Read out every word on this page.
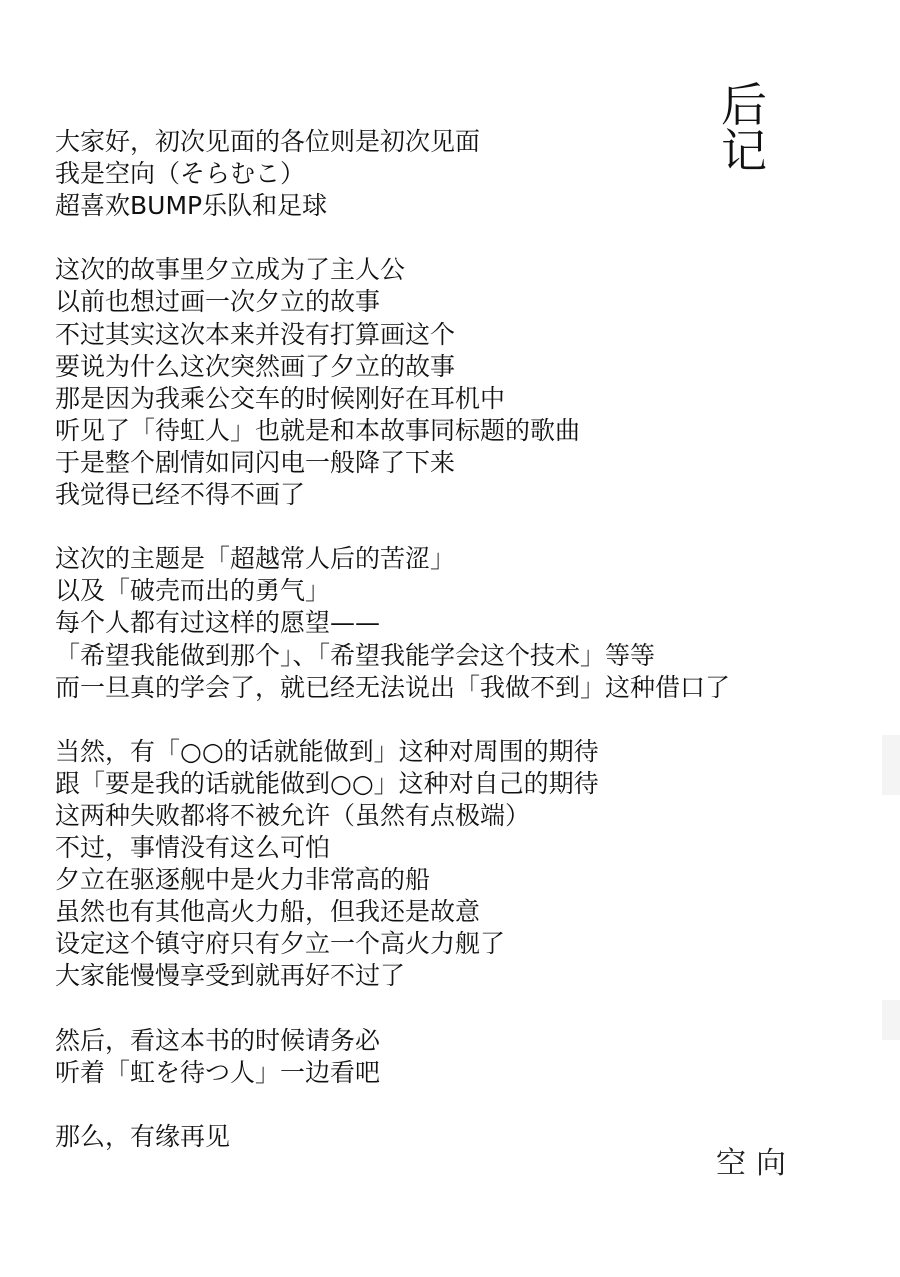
后
记
大家好，初次见面的各位则是初次见面
我是空向（そらむこ）
超喜欢BUMP乐队和足球
这次的故事里夕立成为了主人公
以前也想过画一次夕立的故事
不过其实这次本来并没有打算画这个
要说为什么这次突然画了夕立的故事
那是因为我乘公交车的时候刚好在耳机中
听见了「待虹人」也就是和本故事同标题的歌曲
于是整个剧情如同闪电一般降了下来
我觉得已经不得不画了
这次的主题是「超越常人后的苦涩」
以及「破壳而出的勇气」
每个人都有过这样的愿望——
「希望我能做到那个」、「希望我能学会这个技术」等等
而一旦真的学会了，就已经无法说出「我做不到」这种借口了
当然，有「○○的话就能做到」这种对周围的期待
跟「要是我的话就能做到○○」这种对自己的期待
这两种失败都将不被允许（虽然有点极端）
不过，事情没有这么可怕
夕立在驱逐舰中是火力非常高的船
虽然也有其他高火力船，但我还是故意
设定这个镇守府只有夕立一个高火力舰了
大家能慢慢享受到就再好不过了
然后，看这本书的时候请务必
听着「虹を待つ人」一边看吧
那么，有缘再见
空向
